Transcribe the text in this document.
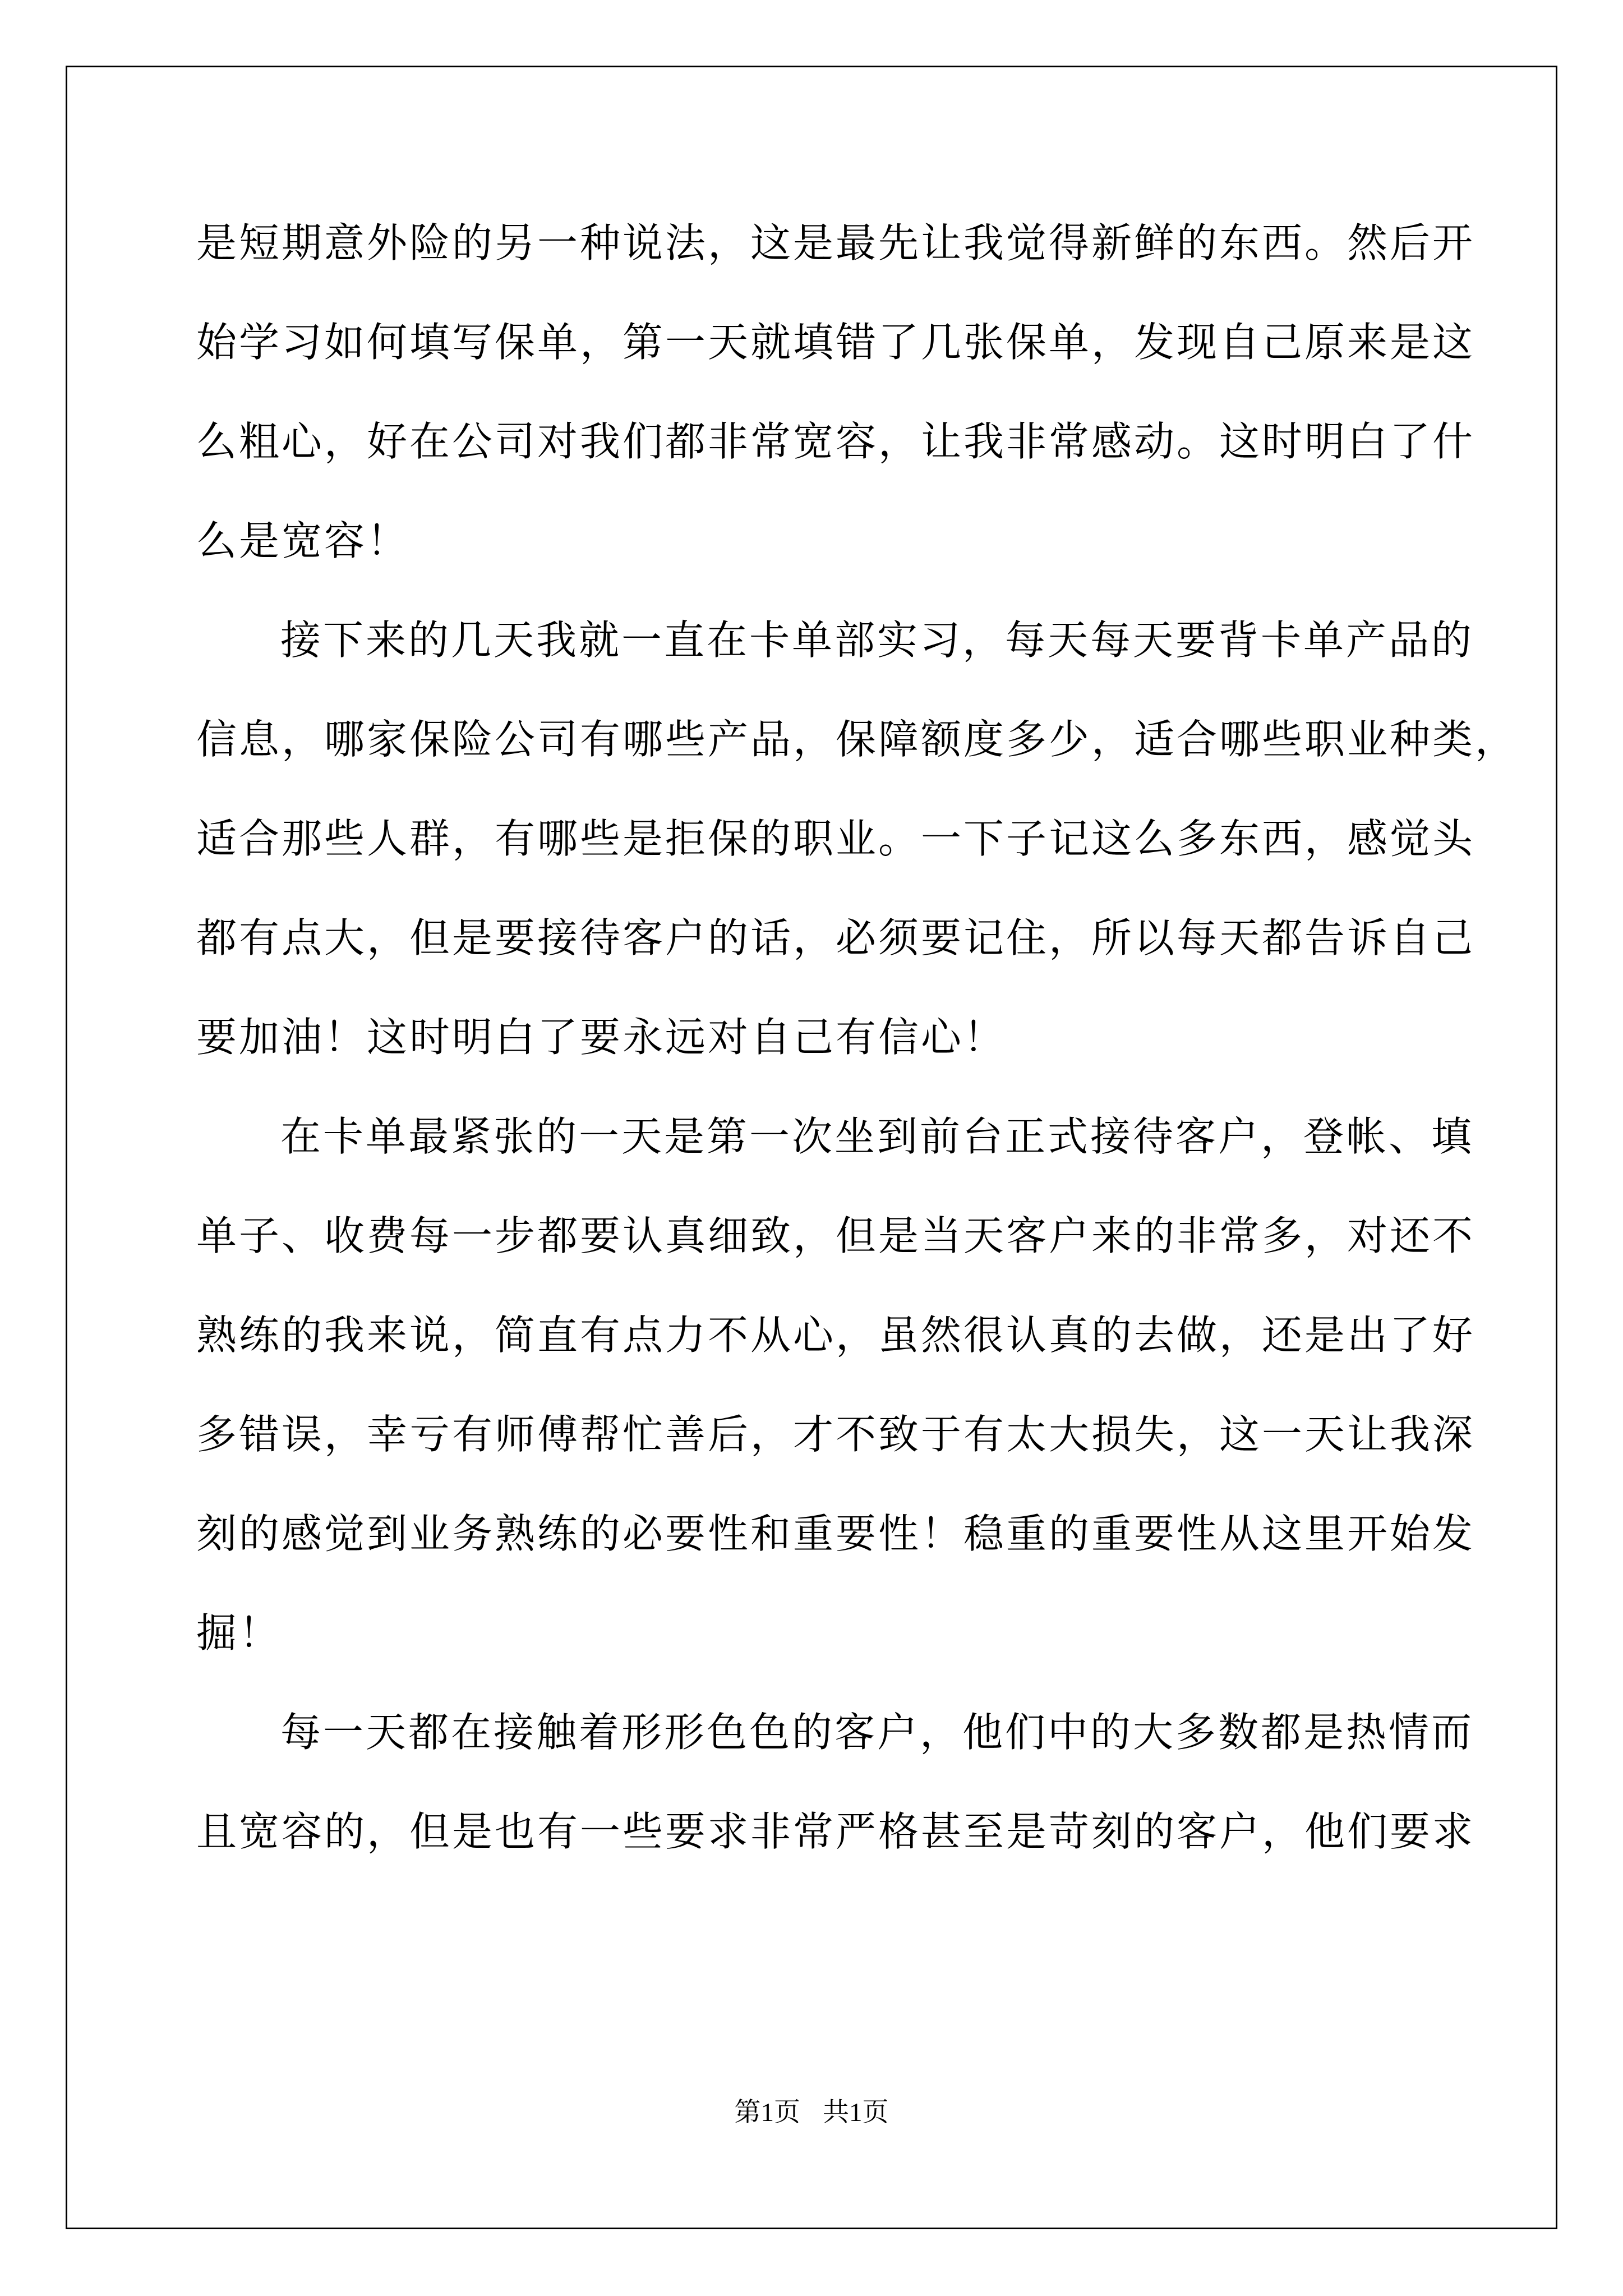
是短期意外险的另一种说法，这是最先让我觉得新鲜的东西。然后开
始学习如何填写保单，第一天就填错了几张保单，发现自己原来是这
么粗心，好在公司对我们都非常宽容，让我非常感动。这时明白了什
么是宽容！
接下来的几天我就一直在卡单部实习，每天每天要背卡单产品的
信息，哪家保险公司有哪些产品，保障额度多少，适合哪些职业种类，
适合那些人群，有哪些是拒保的职业。一下子记这么多东西，感觉头
都有点大，但是要接待客户的话，必须要记住，所以每天都告诉自己
要加油！这时明白了要永远对自己有信心！
在卡单最紧张的一天是第一次坐到前台正式接待客户，登帐、填
单子、收费每一步都要认真细致，但是当天客户来的非常多，对还不
熟练的我来说，简直有点力不从心，虽然很认真的去做，还是出了好
多错误，幸亏有师傅帮忙善后，才不致于有太大损失，这一天让我深
刻的感觉到业务熟练的必要性和重要性！稳重的重要性从这里开始发
掘！
每一天都在接触着形形色色的客户，他们中的大多数都是热情而
且宽容的，但是也有一些要求非常严格甚至是苛刻的客户，他们要求
第1页 共1页
